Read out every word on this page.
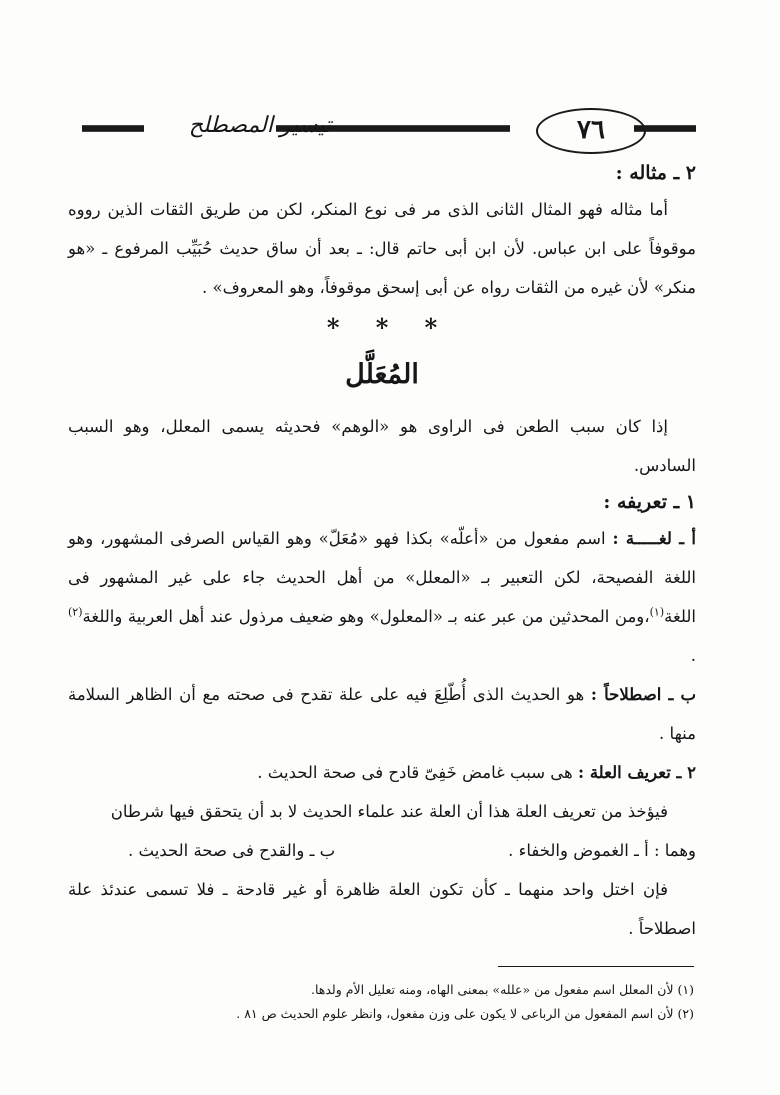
٧٦
تيسير المصطلح

٢ ـ مثاله :

أما مثاله فهو المثال الثانى الذى مر فى نوع المنكر، لكن من طريق الثقات الذين رووه موقوفاً على ابن عباس. لأن ابن أبى حاتم قال: ـ بعد أن ساق حديث حُبَيِّب المرفوع ـ «هو منكر» لأن غيره من الثقات رواه عن أبى إسحق موقوفاً، وهو المعروف» .

* * *
المُعَلَّل

إذا كان سبب الطعن فى الراوى هو «الوهم» فحديثه يسمى المعلل، وهو السبب السادس.

١ ـ تعريفه :

أ ـ لغـــــة : اسم مفعول من «أعلّه» بكذا فهو «مُعَلّ» وهو القياس الصرفى المشهور، وهو اللغة الفصيحة، لكن التعبير بـ «المعلل» من أهل الحديث جاء على غير المشهور فى اللغة$^{(١)}$،ومن المحدثين من عبر عنه بـ «المعلول» وهو ضعيف مرذول عند أهل العربية واللغة$^{(٢)}$ .

ب ـ اصطلاحاً : هو الحديث الذى أُطّلِعَ فيه على علة تقدح فى صحته مع أن الظاهر السلامة منها .

٢ ـ تعريف العلة : هى سبب غامض خَفِىّ قادح فى صحة الحديث .

فيؤخذ من تعريف العلة هذا أن العلة عند علماء الحديث لا بد أن يتحقق فيها شرطان

وهما : أ ـ الغموض والخفاء .
ب ـ والقدح فى صحة الحديث .

فإن اختل واحد منهما ـ كأن تكون العلة ظاهرة أو غير قادحة ـ فلا تسمى عندئذ علة اصطلاحاً .

(١) لأن المعلل اسم مفعول من «علله» بمعنى الهاه، ومنه تعليل الأم ولدها.

(٢) لأن اسم المفعول من الرباعى لا يكون على وزن مفعول، وانظر علوم الحديث ص ٨١ .
